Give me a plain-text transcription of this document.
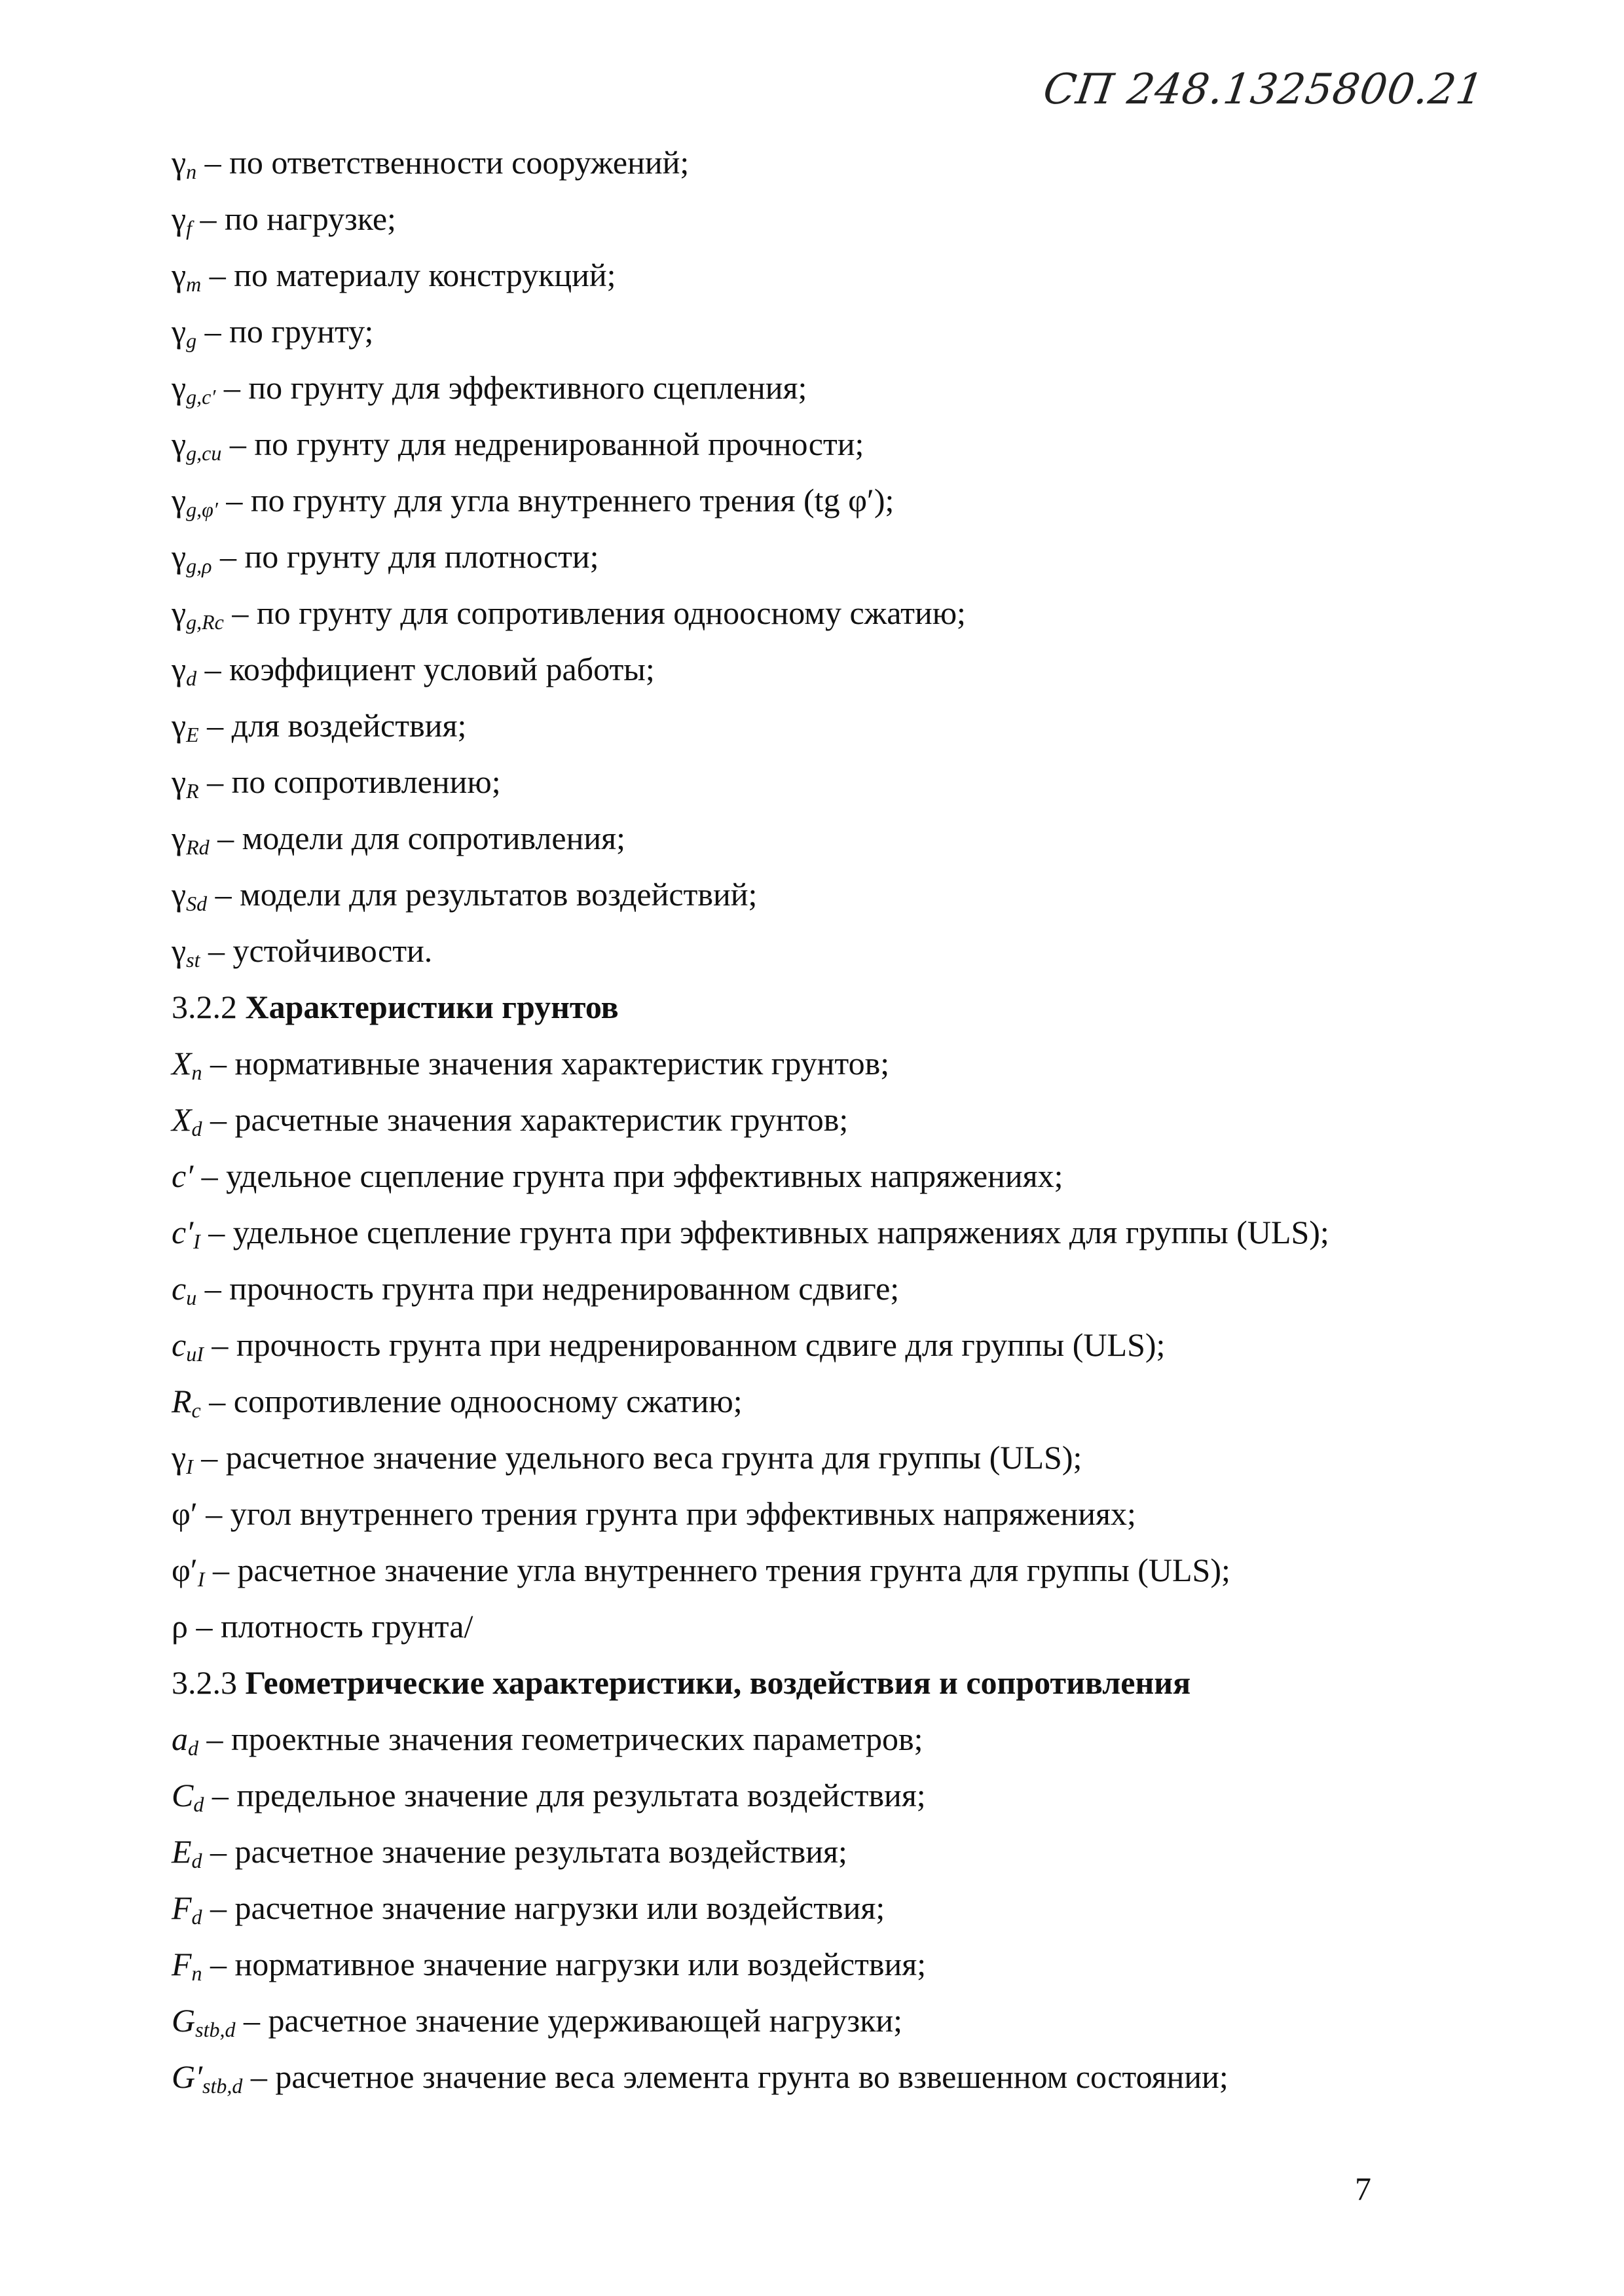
СП 248.1325800.21
$\gamma_n$ – по ответственности сооружений;
$\gamma_f$ – по нагрузке;
$\gamma_m$ – по материалу конструкций;
$\gamma_g$ – по грунту;
$\gamma_{g,c'}$ – по грунту для эффективного сцепления;
$\gamma_{g,cu}$ – по грунту для недренированной прочности;
$\gamma_{g,\varphi'}$ – по грунту для угла внутреннего трения (tg φ′);
$\gamma_{g,\rho}$ – по грунту для плотности;
$\gamma_{g,Rc}$ – по грунту для сопротивления одноосному сжатию;
$\gamma_d$ – коэффициент условий работы;
$\gamma_E$ – для воздействия;
$\gamma_R$ – по сопротивлению;
$\gamma_{Rd}$ – модели для сопротивления;
$\gamma_{Sd}$ – модели для результатов воздействий;
$\gamma_{st}$ – устойчивости.
3.2.2 Характеристики грунтов
$X_n$ – нормативные значения характеристик грунтов;
$X_d$ – расчетные значения характеристик грунтов;
c′ – удельное сцепление грунта при эффективных напряжениях;
$c'_I$ – удельное сцепление грунта при эффективных напряжениях для группы (ULS);
$c_u$ – прочность грунта при недренированном сдвиге;
$c_{uI}$ – прочность грунта при недренированном сдвиге для группы (ULS);
$R_c$ – сопротивление одноосному сжатию;
$\gamma_I$ – расчетное значение удельного веса грунта для группы (ULS);
φ′ – угол внутреннего трения грунта при эффективных напряжениях;
$\varphi'_I$ – расчетное значение угла внутреннего трения грунта для группы (ULS);
ρ – плотность грунта/
3.2.3 Геометрические характеристики, воздействия и сопротивления
$a_d$ – проектные значения геометрических параметров;
$C_d$ – предельное значение для результата воздействия;
$E_d$ – расчетное значение результата воздействия;
$F_d$ – расчетное значение нагрузки или воздействия;
$F_n$ – нормативное значение нагрузки или воздействия;
$G_{stb,d}$ – расчетное значение удерживающей нагрузки;
$G'_{stb,d}$ – расчетное значение веса элемента грунта во взвешенном состоянии;
7
